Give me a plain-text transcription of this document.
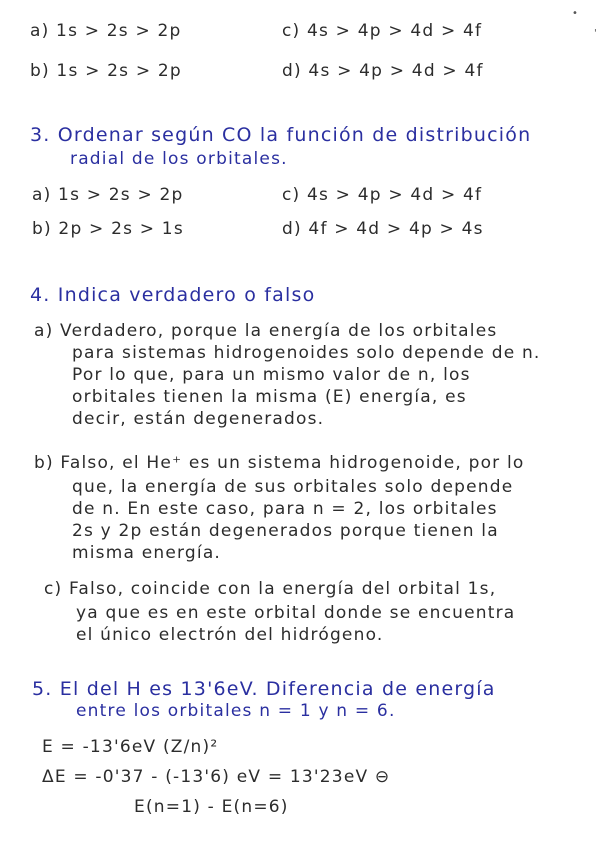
•
'
a) 1s > 2s > 2p	c) 4s > 4p > 4d > 4f
b) 1s > 2s > 2p	d) 4s > 4p > 4d > 4f
3. Ordenar según CO la función de distribución
radial de los orbitales.
a) 1s > 2s > 2p	c) 4s > 4p > 4d > 4f
b) 2p > 2s > 1s	d) 4f > 4d > 4p > 4s
4. Indica verdadero o falso
a) Verdadero, porque la energía de los orbitales
para sistemas hidrogenoides solo depende de n.
Por lo que, para un mismo valor de n, los
orbitales tienen la misma (E) energía, es
decir, están degenerados.
b) Falso, el He⁺ es un sistema hidrogenoide, por lo
que, la energía de sus orbitales solo depende
de n. En este caso, para n = 2, los orbitales
2s y 2p están degenerados porque tienen la
misma energía.
c) Falso, coincide con la energía del orbital 1s,
ya que es en este orbital donde se encuentra
el único electrón del hidrógeno.
5. El del H es 13'6eV. Diferencia de energía
entre los orbitales n = 1 y n = 6.
E = -13'6eV (Z/n)²
ΔE = -0'37 - (-13'6) eV = 13'23eV ⊖
E(n=1) - E(n=6)
